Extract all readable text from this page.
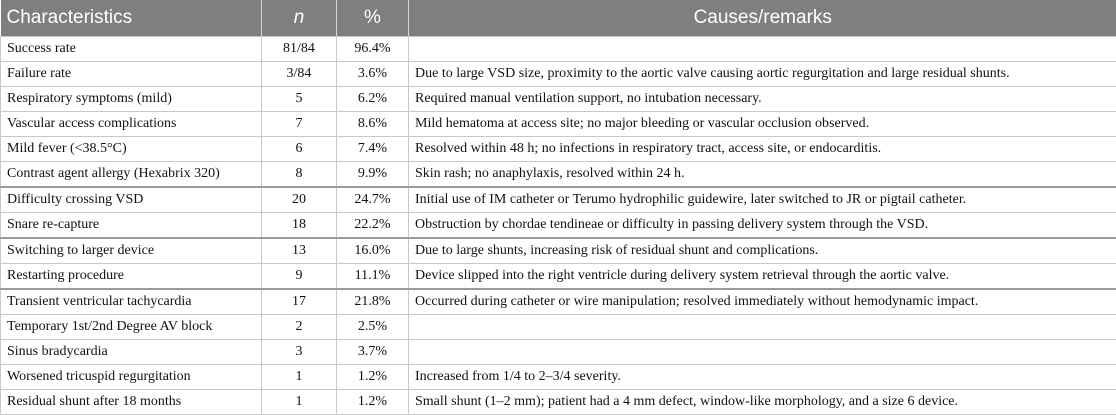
Characteristics	n	%	Causes/remarks
Success rate	81/84	96.4%	
Failure rate	3/84	3.6%	Due to large VSD size, proximity to the aortic valve causing aortic regurgitation and large residual shunts.
Respiratory symptoms (mild)	5	6.2%	Required manual ventilation support, no intubation necessary.
Vascular access complications	7	8.6%	Mild hematoma at access site; no major bleeding or vascular occlusion observed.
Mild fever (<38.5°C)	6	7.4%	Resolved within 48 h; no infections in respiratory tract, access site, or endocarditis.
Contrast agent allergy (Hexabrix 320)	8	9.9%	Skin rash; no anaphylaxis, resolved within 24 h.
Difficulty crossing VSD	20	24.7%	Initial use of IM catheter or Terumo hydrophilic guidewire, later switched to JR or pigtail catheter.
Snare re-capture	18	22.2%	Obstruction by chordae tendineae or difficulty in passing delivery system through the VSD.
Switching to larger device	13	16.0%	Due to large shunts, increasing risk of residual shunt and complications.
Restarting procedure	9	11.1%	Device slipped into the right ventricle during delivery system retrieval through the aortic valve.
Transient ventricular tachycardia	17	21.8%	Occurred during catheter or wire manipulation; resolved immediately without hemodynamic impact.
Temporary 1st/2nd Degree AV block	2	2.5%	
Sinus bradycardia	3	3.7%	
Worsened tricuspid regurgitation	1	1.2%	Increased from 1/4 to 2–3/4 severity.
Residual shunt after 18 months	1	1.2%	Small shunt (1–2 mm); patient had a 4 mm defect, window-like morphology, and a size 6 device.
